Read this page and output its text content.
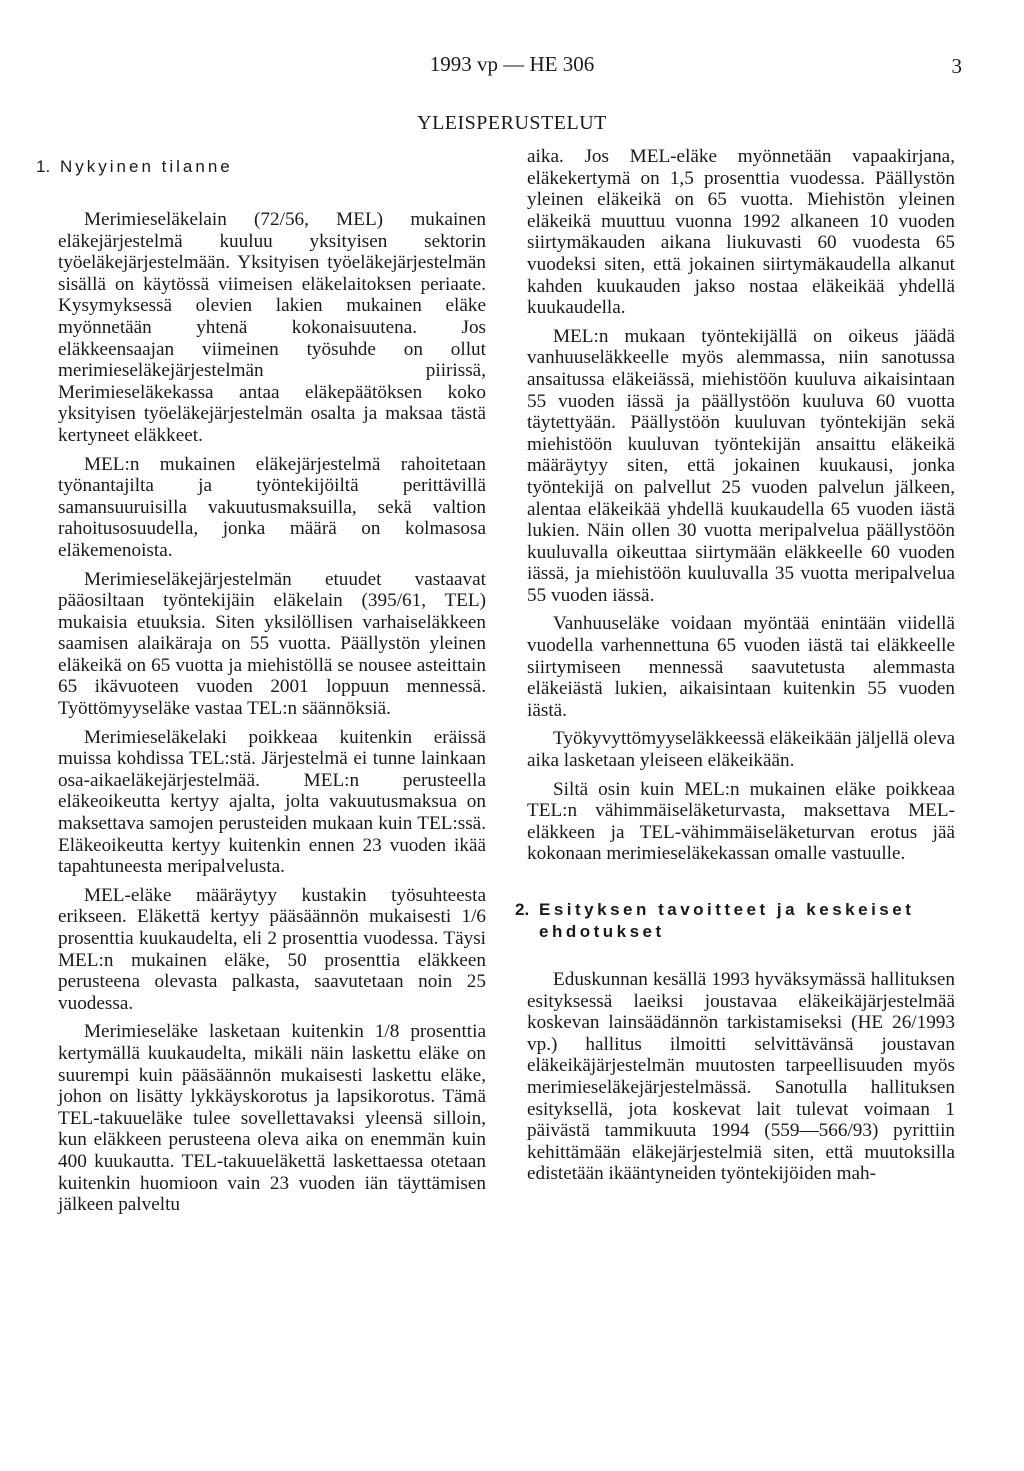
1993 vp — HE 306	3
YLEISPERUSTELUT
1. Nykyinen tilanne

Merimieseläkelain (72/56, MEL) mukainen eläkejärjestelmä kuuluu yksityisen sektorin työeläkejärjestelmään. Yksityisen työeläkejärjestelmän sisällä on käytössä viimeisen eläkelaitoksen periaate. Kysymyksessä olevien lakien mukainen eläke myönnetään yhtenä kokonaisuutena. Jos eläkkeensaajan viimeinen työsuhde on ollut merimieseläkejärjestelmän piirissä, Merimieseläkekassa antaa eläkepäätöksen koko yksityisen työeläkejärjestelmän osalta ja maksaa tästä kertyneet eläkkeet.

MEL:n mukainen eläkejärjestelmä rahoitetaan työnantajilta ja työntekijöiltä perittävillä samansuuruisilla vakuutusmaksuilla, sekä valtion rahoitusosuudella, jonka määrä on kolmasosa eläkemenoista.

Merimieseläkejärjestelmän etuudet vastaavat pääosiltaan työntekijäin eläkelain (395/61, TEL) mukaisia etuuksia. Siten yksilöllisen varhaiseläkkeen saamisen alaikäraja on 55 vuotta. Päällystön yleinen eläkeikä on 65 vuotta ja miehistöllä se nousee asteittain 65 ikävuoteen vuoden 2001 loppuun mennessä. Työttömyyseläke vastaa TEL:n säännöksiä.

Merimieseläkelaki poikkeaa kuitenkin eräissä muissa kohdissa TEL:stä. Järjestelmä ei tunne lainkaan osa-aikaeläkejärjestelmää. MEL:n perusteella eläkeoikeutta kertyy ajalta, jolta vakuutusmaksua on maksettava samojen perusteiden mukaan kuin TEL:ssä. Eläkeoikeutta kertyy kuitenkin ennen 23 vuoden ikää tapahtuneesta meripalvelusta.

MEL-eläke määräytyy kustakin työsuhteesta erikseen. Eläkettä kertyy pääsäännön mukaisesti 1/6 prosenttia kuukaudelta, eli 2 prosenttia vuodessa. Täysi MEL:n mukainen eläke, 50 prosenttia eläkkeen perusteena olevasta palkasta, saavutetaan noin 25 vuodessa.

Merimieseläke lasketaan kuitenkin 1/8 prosenttia kertymällä kuukaudelta, mikäli näin laskettu eläke on suurempi kuin pääsäännön mukaisesti laskettu eläke, johon on lisätty lykkäyskorotus ja lapsikorotus. Tämä TEL-takuueläke tulee sovellettavaksi yleensä silloin, kun eläkkeen perusteena oleva aika on enemmän kuin 400 kuukautta. TEL-takuueläkettä laskettaessa otetaan kuitenkin huomioon vain 23 vuoden iän täyttämisen jälkeen palveltu

aika. Jos MEL-eläke myönnetään vapaakirjana, eläkekertymä on 1,5 prosenttia vuodessa. Päällystön yleinen eläkeikä on 65 vuotta. Miehistön yleinen eläkeikä muuttuu vuonna 1992 alkaneen 10 vuoden siirtymäkauden aikana liukuvasti 60 vuodesta 65 vuodeksi siten, että jokainen siirtymäkaudella alkanut kahden kuukauden jakso nostaa eläkeikää yhdellä kuukaudella.

MEL:n mukaan työntekijällä on oikeus jäädä vanhuuseläkkeelle myös alemmassa, niin sanotussa ansaitussa eläkeiässä, miehistöön kuuluva aikaisintaan 55 vuoden iässä ja päällystöön kuuluva 60 vuotta täytettyään. Päällystöön kuuluvan työntekijän sekä miehistöön kuuluvan työntekijän ansaittu eläkeikä määräytyy siten, että jokainen kuukausi, jonka työntekijä on palvellut 25 vuoden palvelun jälkeen, alentaa eläkeikää yhdellä kuukaudella 65 vuoden iästä lukien. Näin ollen 30 vuotta meripalvelua päällystöön kuuluvalla oikeuttaa siirtymään eläkkeelle 60 vuoden iässä, ja miehistöön kuuluvalla 35 vuotta meripalvelua 55 vuoden iässä.

Vanhuuseläke voidaan myöntää enintään viidellä vuodella varhennettuna 65 vuoden iästä tai eläkkeelle siirtymiseen mennessä saavutetusta alemmasta eläkeiästä lukien, aikaisintaan kuitenkin 55 vuoden iästä.

Työkyvyttömyyseläkkeessä eläkeikään jäljellä oleva aika lasketaan yleiseen eläkeikään.

Siltä osin kuin MEL:n mukainen eläke poikkeaa TEL:n vähimmäiseläketurvasta, maksettava MEL-eläkkeen ja TEL-vähimmäiseläketurvan erotus jää kokonaan merimieseläkekassan omalle vastuulle.

2. Esityksen tavoitteet ja keskeiset
ehdotukset

Eduskunnan kesällä 1993 hyväksymässä hallituksen esityksessä laeiksi joustavaa eläkeikäjärjestelmää koskevan lainsäädännön tarkistamiseksi (HE 26/1993 vp.) hallitus ilmoitti selvittävänsä joustavan eläkeikäjärjestelmän muutosten tarpeellisuuden myös merimieseläkejärjestelmässä. Sanotulla hallituksen esityksellä, jota koskevat lait tulevat voimaan 1 päivästä tammikuuta 1994 (559—566/93) pyrittiin kehittämään eläkejärjestelmiä siten, että muutoksilla edistetään ikääntyneiden työntekijöiden mah-
